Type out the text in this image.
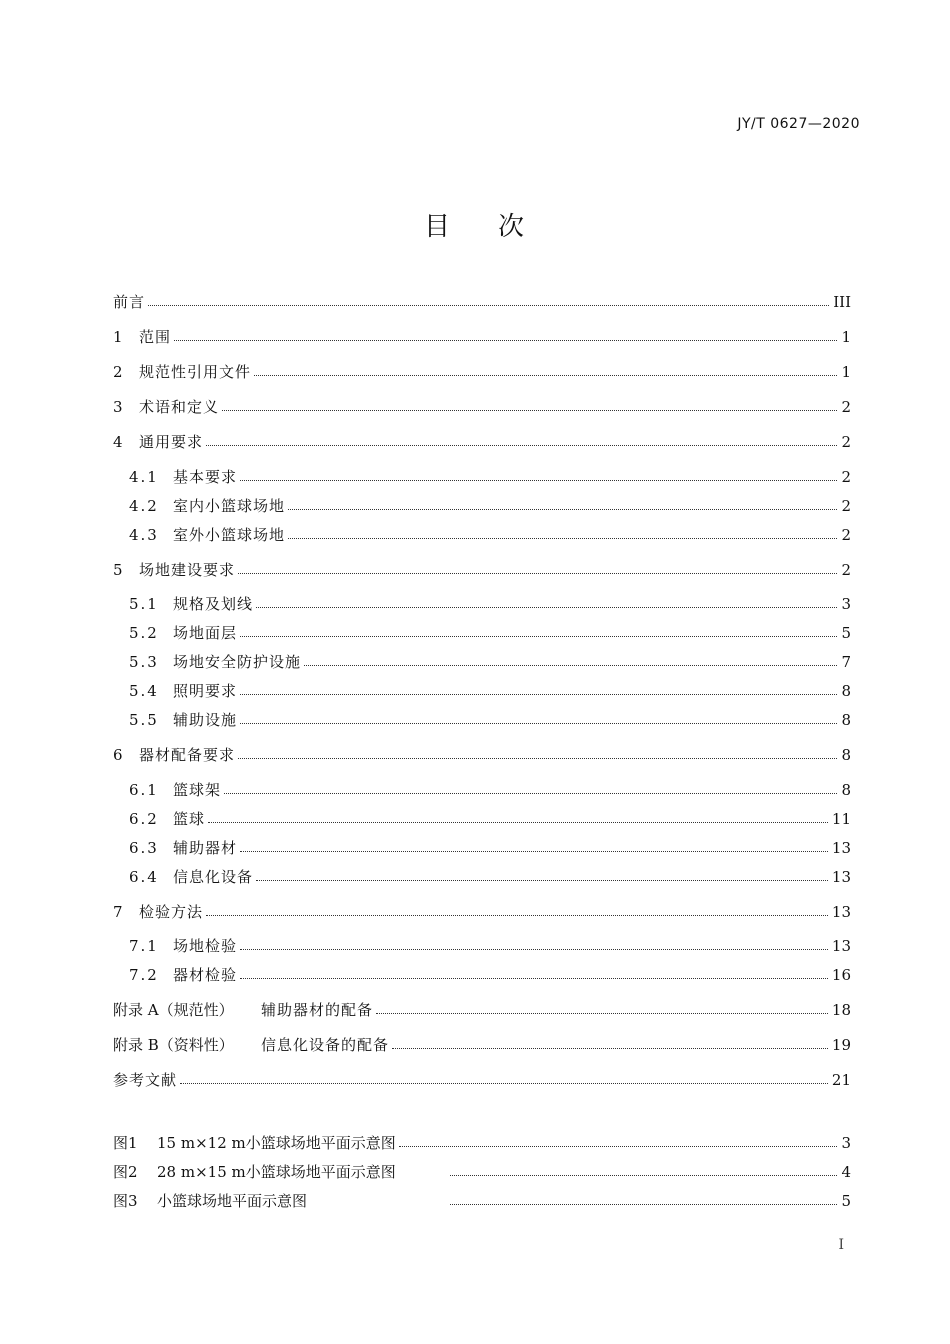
JY/T 0627—2020
目 次
前言	III
1	范围	1
2	规范性引用文件	1
3	术语和定义	2
4	通用要求	2
4.1 基本要求	2
4.2 室内小篮球场地	2
4.3 室外小篮球场地	2
5	场地建设要求	2
5.1 规格及划线	3
5.2 场地面层	5
5.3 场地安全防护设施	7
5.4 照明要求	8
5.5 辅助设施	8
6	器材配备要求	8
6.1 篮球架	8
6.2 篮球	11
6.3 辅助器材	13
6.4 信息化设备	13
7	检验方法	13
7.1 场地检验	13
7.2 器材检验	16
附录 A（规范性）	辅助器材的配备	18
附录 B（资料性）	信息化设备的配备	19
参考文献	21
图1	15 m×12 m小篮球场地平面示意图	3
图2	28 m×15 m小篮球场地平面示意图	4
图3	小篮球场地平面示意图	5
I
